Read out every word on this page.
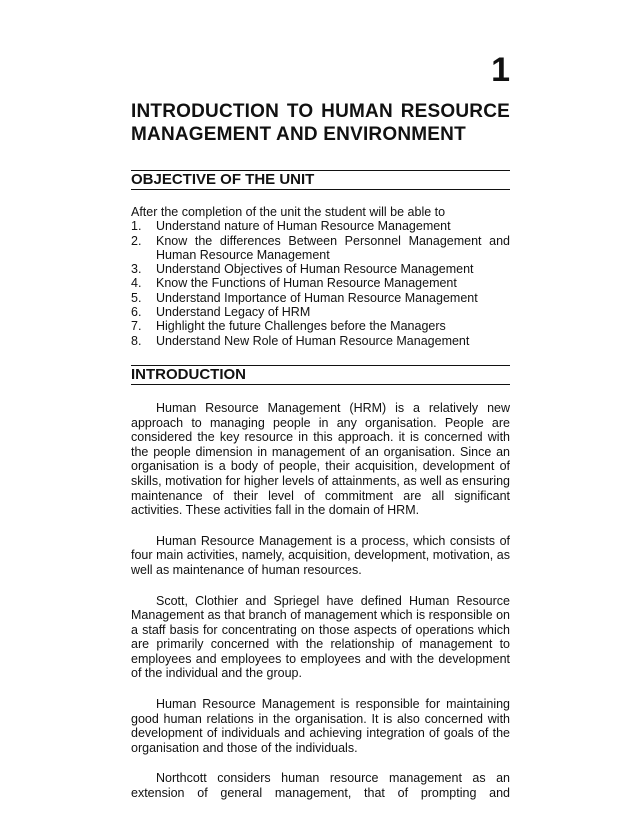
1
INTRODUCTION TO HUMAN RESOURCE MANAGEMENT AND ENVIRONMENT
OBJECTIVE OF THE UNIT

After the completion of the unit the student will be able to

1. Understand nature of Human Resource Management
2. Know the differences Between Personnel Management and Human Resource Management
3. Understand Objectives of Human Resource Management
4. Know the Functions of Human Resource Management
5. Understand Importance of Human Resource Management
6. Understand Legacy of HRM
7. Highlight the future Challenges before the Managers
8. Understand New Role of Human Resource Management
INTRODUCTION

Human Resource Management (HRM) is a relatively new approach to managing people in any organisation. People are considered the key resource in this approach. it is concerned with the people dimension in management of an organisation. Since an organisation is a body of people, their acquisition, development of skills, motivation for higher levels of attainments, as well as ensuring maintenance of their level of commitment are all significant activities. These activities fall in the domain of HRM.

Human Resource Management is a process, which consists of four main activities, namely, acquisition, development, motivation, as well as maintenance of human resources.

Scott, Clothier and Spriegel have defined Human Resource Management as that branch of management which is responsible on a staff basis for concentrating on those aspects of operations which are primarily concerned with the relationship of management to employees and employees to employees and with the development of the individual and the group.

Human Resource Management is responsible for maintaining good human relations in the organisation. It is also concerned with development of individuals and achieving integration of goals of the organisation and those of the individuals.

Northcott considers human resource management as an extension of general management, that of prompting and
